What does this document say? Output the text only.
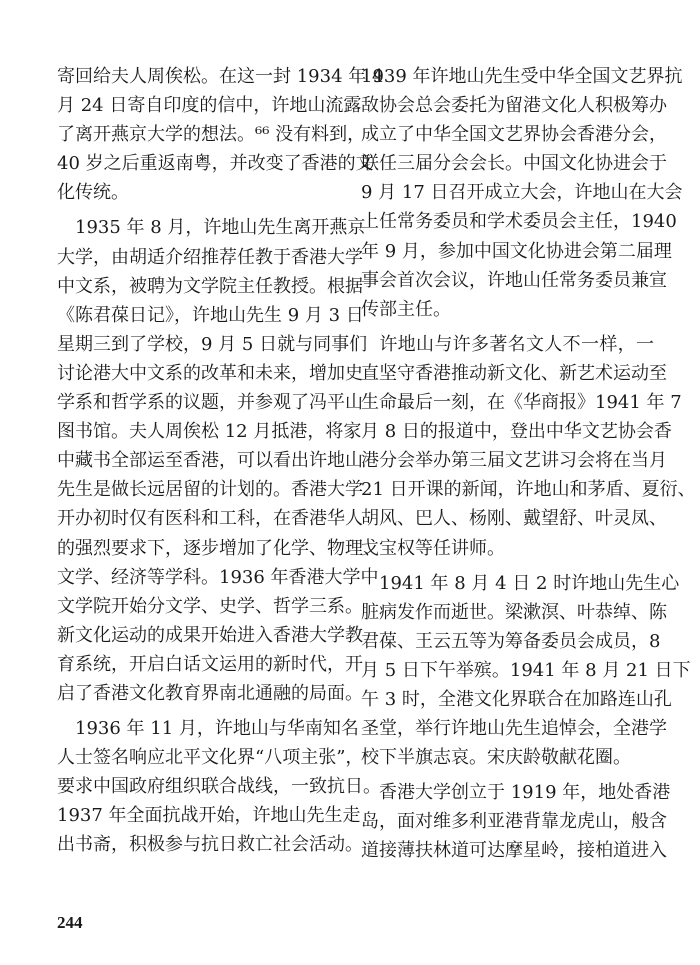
寄回给夫人周俟松。在这一封 1934 年 4
月 24 日寄自印度的信中，许地山流露
了离开燕京大学的想法。⁶⁶ 没有料到，
40 岁之后重返南粤，并改变了香港的文
化传统。
　1935 年 8 月，许地山先生离开燕京
大学，由胡适介绍推荐任教于香港大学
中文系，被聘为文学院主任教授。根据
《陈君葆日记》，许地山先生 9 月 3 日
星期三到了学校，9 月 5 日就与同事们
讨论港大中文系的改革和未来，增加史
学系和哲学系的议题，并参观了冯平山
图书馆。夫人周俟松 12 月抵港，将家
中藏书全部运至香港，可以看出许地山
先生是做长远居留的计划的。香港大学
开办初时仅有医科和工科，在香港华人
的强烈要求下，逐步增加了化学、物理、
文学、经济等学科。1936 年香港大学中
文学院开始分文学、史学、哲学三系。
新文化运动的成果开始进入香港大学教
育系统，开启白话文运用的新时代，开
启了香港文化教育界南北通融的局面。
　1936 年 11 月，许地山与华南知名
人士签名响应北平文化界“八项主张”，
要求中国政府组织联合战线，一致抗日。
1937 年全面抗战开始，许地山先生走
出书斋，积极参与抗日救亡社会活动。
1939 年许地山先生受中华全国文艺界抗
敌协会总会委托为留港文化人积极筹办
成立了中华全国文艺界协会香港分会，
联任三届分会会长。中国文化协进会于
9 月 17 日召开成立大会，许地山在大会
上任常务委员和学术委员会主任，1940
年 9 月，参加中国文化协进会第二届理
事会首次会议，许地山任常务委员兼宣
传部主任。
　许地山与许多著名文人不一样，一
直坚守香港推动新文化、新艺术运动至
生命最后一刻，在《华商报》1941 年 7
月 8 日的报道中，登出中华文艺协会香
港分会举办第三届文艺讲习会将在当月
21 日开课的新闻，许地山和茅盾、夏衍、
胡风、巴人、杨刚、戴望舒、叶灵凤、
戈宝权等任讲师。
　1941 年 8 月 4 日 2 时许地山先生心
脏病发作而逝世。梁漱溟、叶恭绰、陈
君葆、王云五等为筹备委员会成员，8
月 5 日下午举殡。1941 年 8 月 21 日下
午 3 时，全港文化界联合在加路连山孔
圣堂，举行许地山先生追悼会，全港学
校下半旗志哀。宋庆龄敬献花圈。
　香港大学创立于 1919 年，地处香港
岛，面对维多利亚港背靠龙虎山，般含
道接薄扶林道可达摩星岭，接柏道进入
244
